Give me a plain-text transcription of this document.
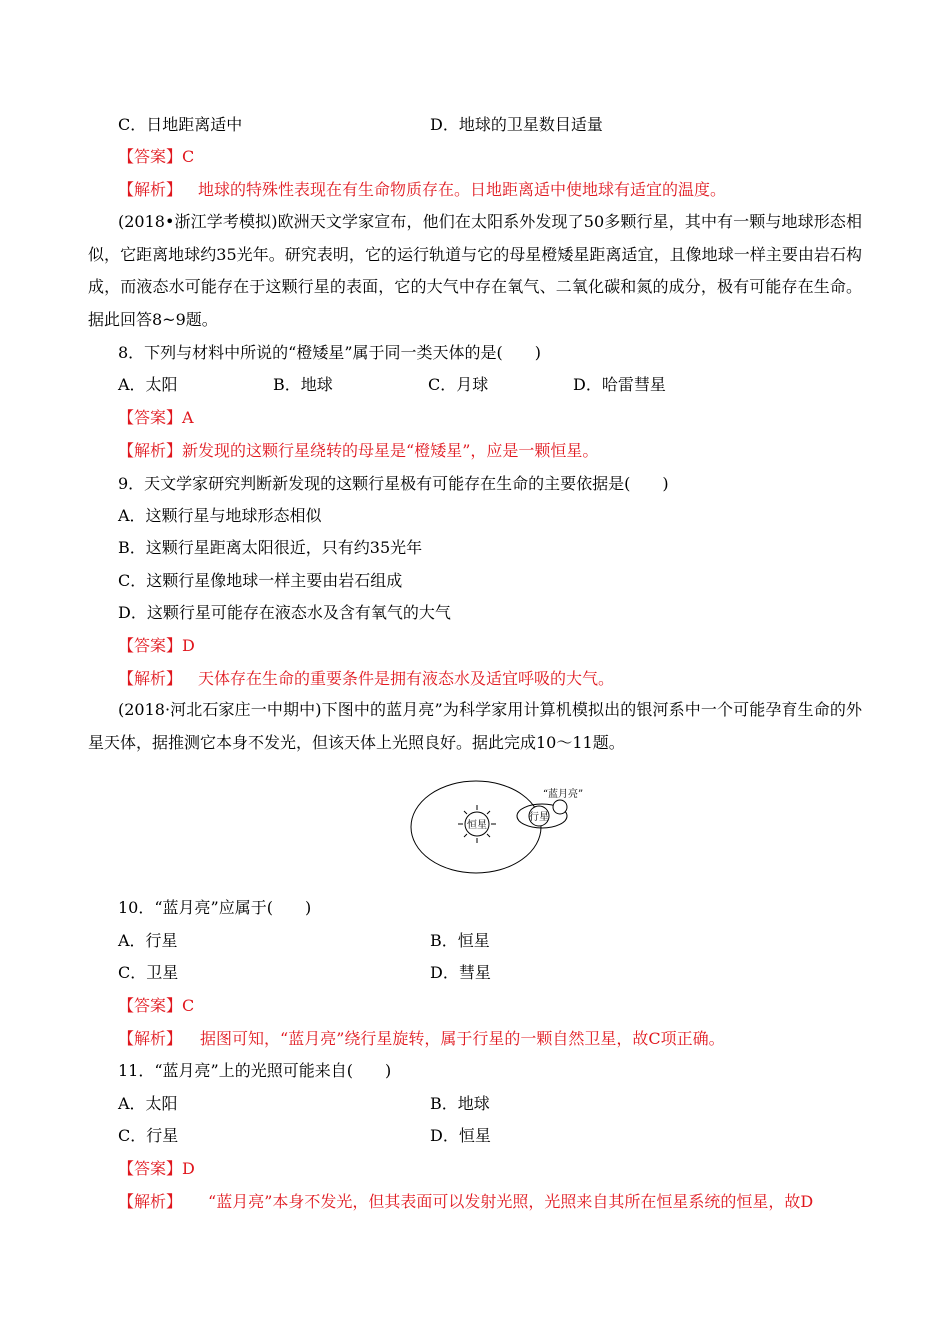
C．日地距离适中	D．地球的卫星数目适量
【答案】C
【解析】 地球的特殊性表现在有生命物质存在。日地距离适中使地球有适宜的温度。
(2018•浙江学考模拟)欧洲天文学家宣布，他们在太阳系外发现了50多颗行星，其中有一颗与地球形态相似，它距离地球约35光年。研究表明，它的运行轨道与它的母星橙矮星距离适宜，且像地球一样主要由岩石构成，而液态水可能存在于这颗行星的表面，它的大气中存在氧气、二氧化碳和氮的成分，极有可能存在生命。据此回答8~9题。
8．下列与材料中所说的“橙矮星”属于同一类天体的是(　　)
A．太阳	B．地球	C．月球	D．哈雷彗星
【答案】A
【解析】新发现的这颗行星绕转的母星是“橙矮星”，应是一颗恒星。
9．天文学家研究判断新发现的这颗行星极有可能存在生命的主要依据是(　　)
A．这颗行星与地球形态相似
B．这颗行星距离太阳很近，只有约35光年
C．这颗行星像地球一样主要由岩石组成
D．这颗行星可能存在液态水及含有氧气的大气
【答案】D
【解析】 天体存在生命的重要条件是拥有液态水及适宜呼吸的大气。
(2018·河北石家庄一中期中)下图中的蓝月亮”为科学家用计算机模拟出的银河系中一个可能孕育生命的外星天体，据推测它本身不发光，但该天体上光照良好。据此完成10～11题。
恒星
行星
“蓝月亮”
10．“蓝月亮”应属于(　　)
A．行星	B．恒星
C．卫星	D．彗星
【答案】C
【解析】 据图可知，“蓝月亮”绕行星旋转，属于行星的一颗自然卫星，故C项正确。
11．“蓝月亮”上的光照可能来自(　　)
A．太阳	B．地球
C．行星	D．恒星
【答案】D
【解析】 “蓝月亮”本身不发光，但其表面可以发射光照，光照来自其所在恒星系统的恒星，故D
